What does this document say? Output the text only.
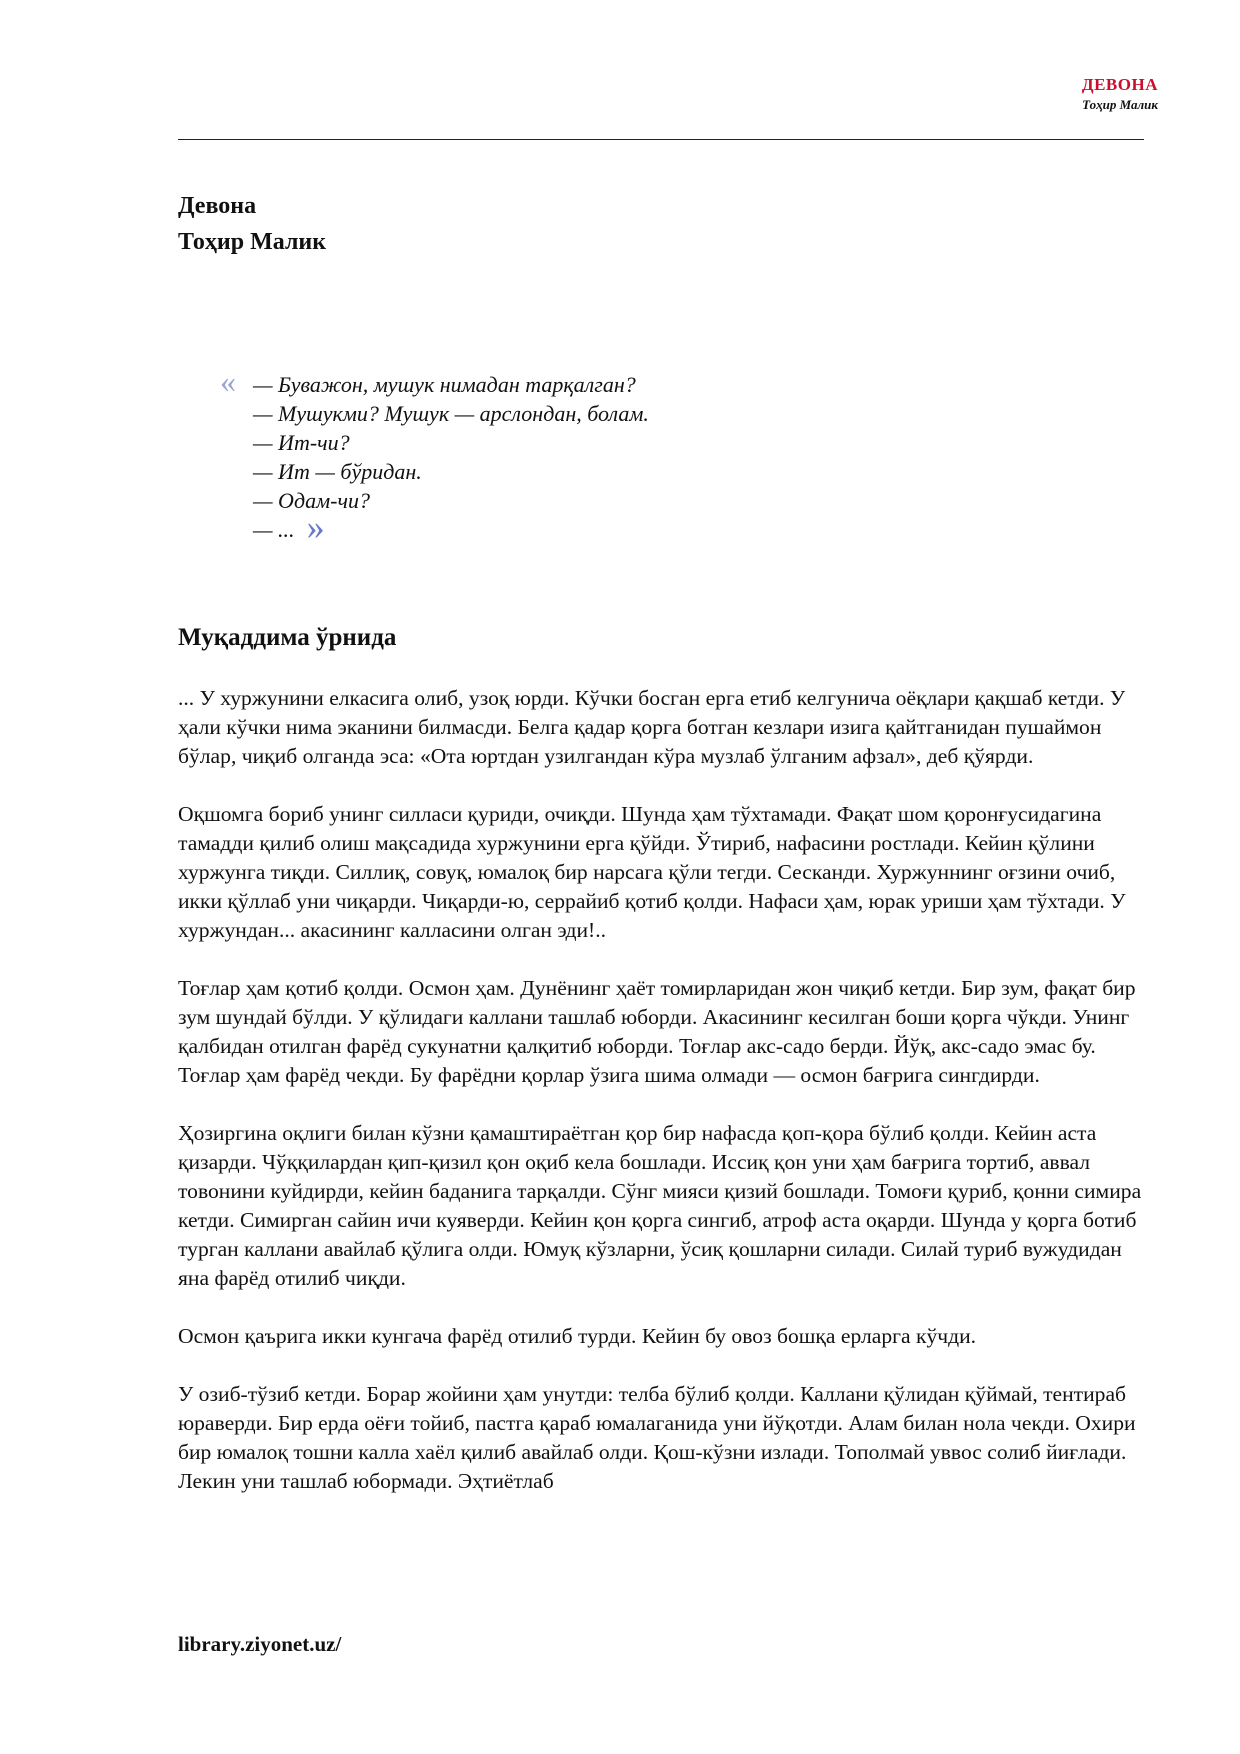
ДЕВОНА
Тоҳир Малик
Девона
Тоҳир Малик
« — Буважон, мушук нимадан тарқалган?
— Мушукми? Мушук — арслондан, болам.
— Ит-чи?
— Ит — бўридан.
— Одам-чи?
— ... »
Муқаддима ўрнида

... У хуржунини елкасига олиб, узоқ юрди. Кўчки босган ерга етиб келгунича оёқлари қақшаб кетди. У ҳали кўчки нима эканини билмасди. Белга қадар қорга ботган кезлари изига қайтганидан пушаймон бўлар, чиқиб олганда эса: «Ота юртдан узилгандан кўра музлаб ўлганим афзал», деб қўярди.

Оқшомга бориб унинг силласи қуриди, очиқди. Шунда ҳам тўхтамади. Фақат шом қоронғусидагина тамадди қилиб олиш мақсадида хуржунини ерга қўйди. Ўтириб, нафасини ростлади. Кейин қўлини хуржунга тиқди. Силлиқ, совуқ, юмалоқ бир нарсага қўли тегди. Сесканди. Хуржуннинг оғзини очиб, икки қўллаб уни чиқарди. Чиқарди-ю, серрайиб қотиб қолди. Нафаси ҳам, юрак уриши ҳам тўхтади. У хуржундан... акасининг калласини олган эди!..

Тоғлар ҳам қотиб қолди. Осмон ҳам. Дунёнинг ҳаёт томирларидан жон чиқиб кетди. Бир зум, фақат бир зум шундай бўлди. У қўлидаги каллани ташлаб юборди. Акасининг кесилган боши қорга чўкди. Унинг қалбидан отилган фарёд сукунатни қалқитиб юборди. Тоғлар акс-садо берди. Йўқ, акс-садо эмас бу. Тоғлар ҳам фарёд чекди. Бу фарёдни қорлар ўзига шима олмади — осмон бағрига сингдирди.

Ҳозиргина оқлиги билан кўзни қамаштираётган қор бир нафасда қоп-қора бўлиб қолди. Кейин аста қизарди. Чўққилардан қип-қизил қон оқиб кела бошлади. Иссиқ қон уни ҳам бағрига тортиб, аввал товонини куйдирди, кейин баданига тарқалди. Сўнг мияси қизий бошлади. Томоғи қуриб, қонни симира кетди. Симирган сайин ичи куяверди. Кейин қон қорга сингиб, атроф аста оқарди. Шунда у қорга ботиб турган каллани авайлаб қўлига олди. Юмуқ кўзларни, ўсиқ қошларни силади. Силай туриб вужудидан яна фарёд отилиб чиқди.

Осмон қаърига икки кунгача фарёд отилиб турди. Кейин бу овоз бошқа ерларга кўчди.

У озиб-тўзиб кетди. Борар жойини ҳам унутди: телба бўлиб қолди. Каллани қўлидан қўймай, тентираб юраверди. Бир ерда оёғи тойиб, пастга қараб юмалаганида уни йўқотди. Алам билан нола чекди. Охири бир юмалоқ тошни калла хаёл қилиб авайлаб олди. Қош-кўзни излади. Тополмай уввос солиб йиғлади. Лекин уни ташлаб юбормади. Эҳтиётлаб

library.ziyonet.uz/
